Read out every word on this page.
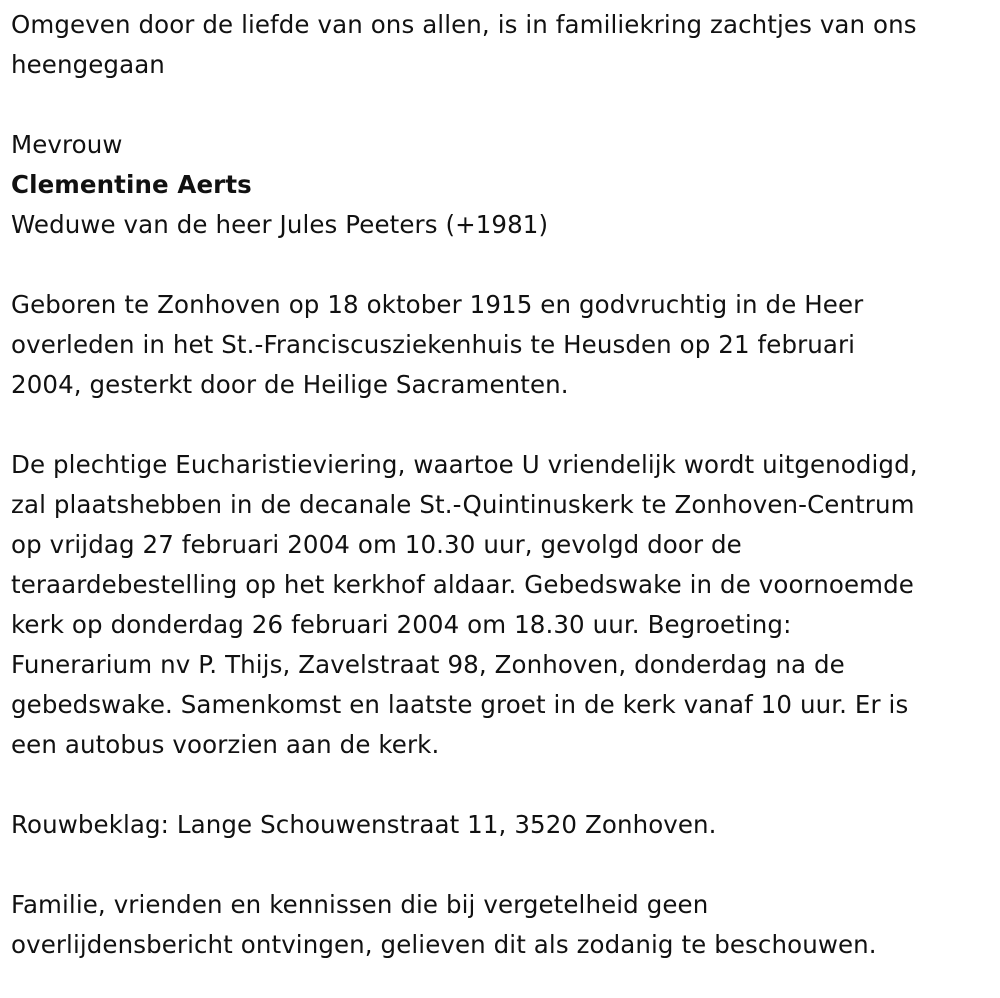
Omgeven door de liefde van ons allen, is in familiekring zachtjes van ons
heengegaan
Mevrouw
Clementine Aerts
Weduwe van de heer Jules Peeters (+1981)
Geboren te Zonhoven op 18 oktober 1915 en godvruchtig in de Heer
overleden in het St.-Franciscusziekenhuis te Heusden op 21 februari
2004, gesterkt door de Heilige Sacramenten.
De plechtige Eucharistieviering, waartoe U vriendelijk wordt uitgenodigd,
zal plaatshebben in de decanale St.-Quintinuskerk te Zonhoven-Centrum
op vrijdag 27 februari 2004 om 10.30 uur, gevolgd door de
teraardebestelling op het kerkhof aldaar. Gebedswake in de voornoemde
kerk op donderdag 26 februari 2004 om 18.30 uur. Begroeting:
Funerarium nv P. Thijs, Zavelstraat 98, Zonhoven, donderdag na de
gebedswake. Samenkomst en laatste groet in de kerk vanaf 10 uur. Er is
een autobus voorzien aan de kerk.
Rouwbeklag: Lange Schouwenstraat 11, 3520 Zonhoven.
Familie, vrienden en kennissen die bij vergetelheid geen
overlijdensbericht ontvingen, gelieven dit als zodanig te beschouwen.
